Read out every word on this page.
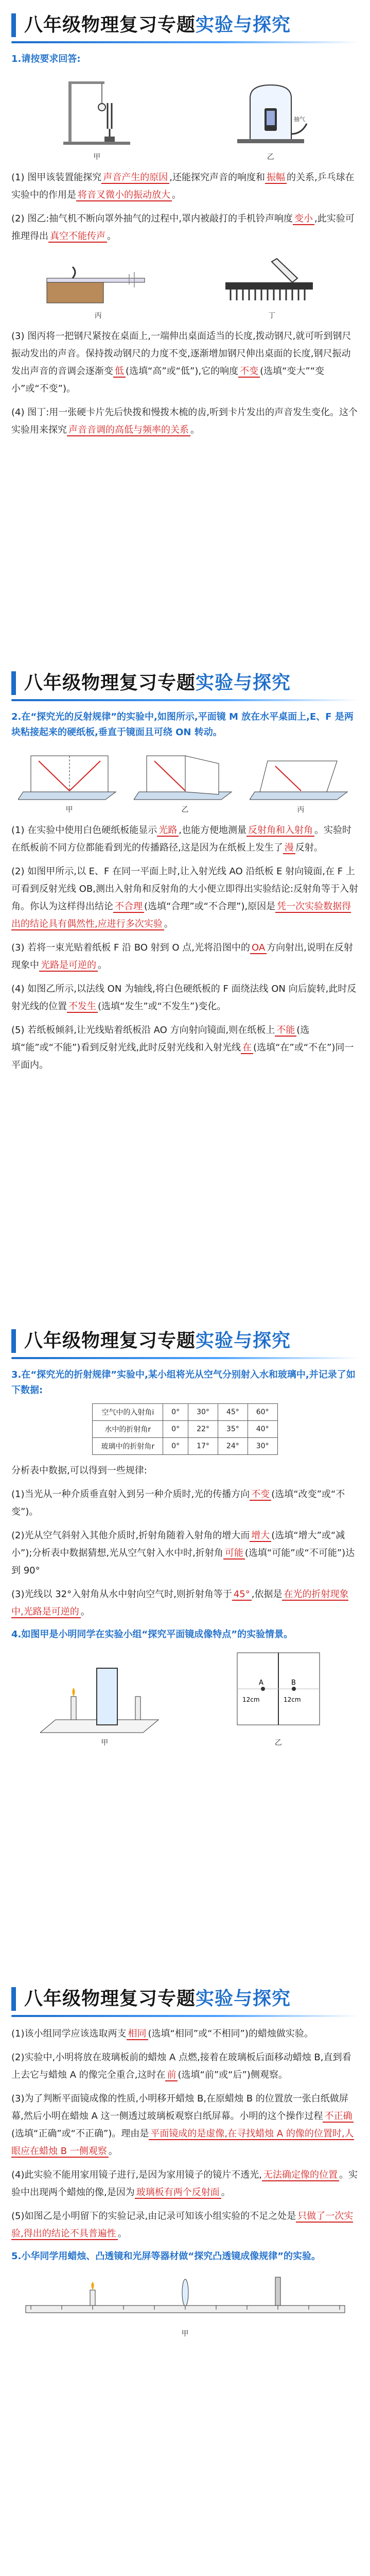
八年级物理复习专题实验与探究
1.请按要求回答:
甲
抽气
乙
(1) 图甲该装置能探究 声音产生的原因 ,还能探究声音的响度和 振幅 的关系,乒乓球在实验中的作用是 将音叉微小的振动放大 。
(2) 图乙:抽气机不断向罩外抽气的过程中,罩内被敲打的手机铃声响度 变小 ,此实验可推理得出 真空不能传声 。
丙	丁
(3) 图丙将一把钢尺紧按在桌面上,一端伸出桌面适当的长度,拨动钢尺,就可听到钢尺振动发出的声音。保持拨动钢尺的力度不变,逐渐增加钢尺伸出桌面的长度,钢尺振动发出声音的音调会逐渐变 低 (选填“高”或“低”),它的响度 不变 (选填“变大”“变小”或“不变”)。
(4) 图丁:用一张硬卡片先后快拨和慢拨木梳的齿,听到卡片发出的声音发生变化。这个实验用来探究 声音音调的高低与频率的关系 。
八年级物理复习专题实验与探究
2.在“探究光的反射规律”的实验中,如图所示,平面镜 M 放在水平桌面上,E、F 是两块粘接起来的硬纸板,垂直于镜面且可绕 ON 转动。
甲	乙	丙
(1) 在实验中使用白色硬纸板能显示 光路 ,也能方便地测量 反射角和入射角 。实验时在纸板前不同方位都能看到光的传播路径,这是因为在纸板上发生了 漫 反射。
(2) 如图甲所示,以 E、F 在同一平面上时,让入射光线 AO 沿纸板 E 射向镜面,在 F 上可看到反射光线 OB,测出入射角和反射角的大小便立即得出实验结论:反射角等于入射角。你认为这样得出结论 不合理 (选填“合理”或“不合理”),原因是 凭一次实验数据得出的结论具有偶然性,应进行多次实验 。
(3) 若将一束光贴着纸板 F 沿 BO 射到 O 点,光将沿图中的 OA 方向射出,说明在反射现象中 光路是可逆的 。
(4) 如图乙所示,以法线 ON 为轴线,将白色硬纸板的 F 面绕法线 ON 向后旋转,此时反射光线的位置 不发生 (选填“发生”或“不发生”)变化。
(5) 若纸板倾斜,让光线贴着纸板沿 AO 方向射向镜面,则在纸板上 不能 (选填“能”或“不能”)看到反射光线,此时反射光线和入射光线 在 (选填“在”或“不在”)同一平面内。
八年级物理复习专题实验与探究
3.在“探究光的折射规律”实验中,某小组将光从空气分别射入水和玻璃中,并记录了如下数据:
空气中的入射角i	0°	30°	45°	60°
水中的折射角r	0°	22°	35°	40°
玻璃中的折射角r	0°	17°	24°	30°
分析表中数据,可以得到一些规律:
(1)当光从一种介质垂直射入到另一种介质时,光的传播方向 不变 (选填“改变”或“不变”)。
(2)光从空气斜射入其他介质时,折射角随着入射角的增大而 增大 (选填“增大”或“减小”);分析表中数据猜想,光从空气射入水中时,折射角 可能 (选填“可能”或“不可能”)达到 90°
(3)光线以 32°入射角从水中射向空气时,则折射角等于 45° ,依据是 在光的折射现象中,光路是可逆的 。
4.如图甲是小明同学在实验小组“探究平面镜成像特点”的实验情景。
甲
A	B
12cm	12cm
乙
八年级物理复习专题实验与探究
(1)该小组同学应该选取两支 相同 (选填“相同”或“不相同”)的蜡烛做实验。
(2)实验中,小明将放在玻璃板前的蜡烛 A 点燃,接着在玻璃板后面移动蜡烛 B,直到看上去它与蜡烛 A 的像完全重合,这时在 前 (选填“前”或“后”)侧观察。
(3)为了判断平面镜成像的性质,小明移开蜡烛 B,在原蜡烛 B 的位置放一张白纸做屏幕,然后小明在蜡烛 A 这一侧透过玻璃板观察白纸屏幕。小明的这个操作过程 不正确(选填“正确”或“不正确”)。理由是 平面镜成的是虚像,在寻找蜡烛 A 的像的位置时,人眼应在蜡烛 B 一侧观察 。
(4)此实验不能用家用镜子进行,是因为家用镜子的镜片不透光, 无法确定像的位置 。实验中出现两个蜡烛的像,是因为 玻璃板有两个反射面 。
(5)如图乙是小明留下的实验记录,由记录可知该小组实验的不足之处是 只做了一次实验,得出的结论不具普遍性 。
5.小华同学用蜡烛、凸透镜和光屏等器材做“探究凸透镜成像规律”的实验。
甲
